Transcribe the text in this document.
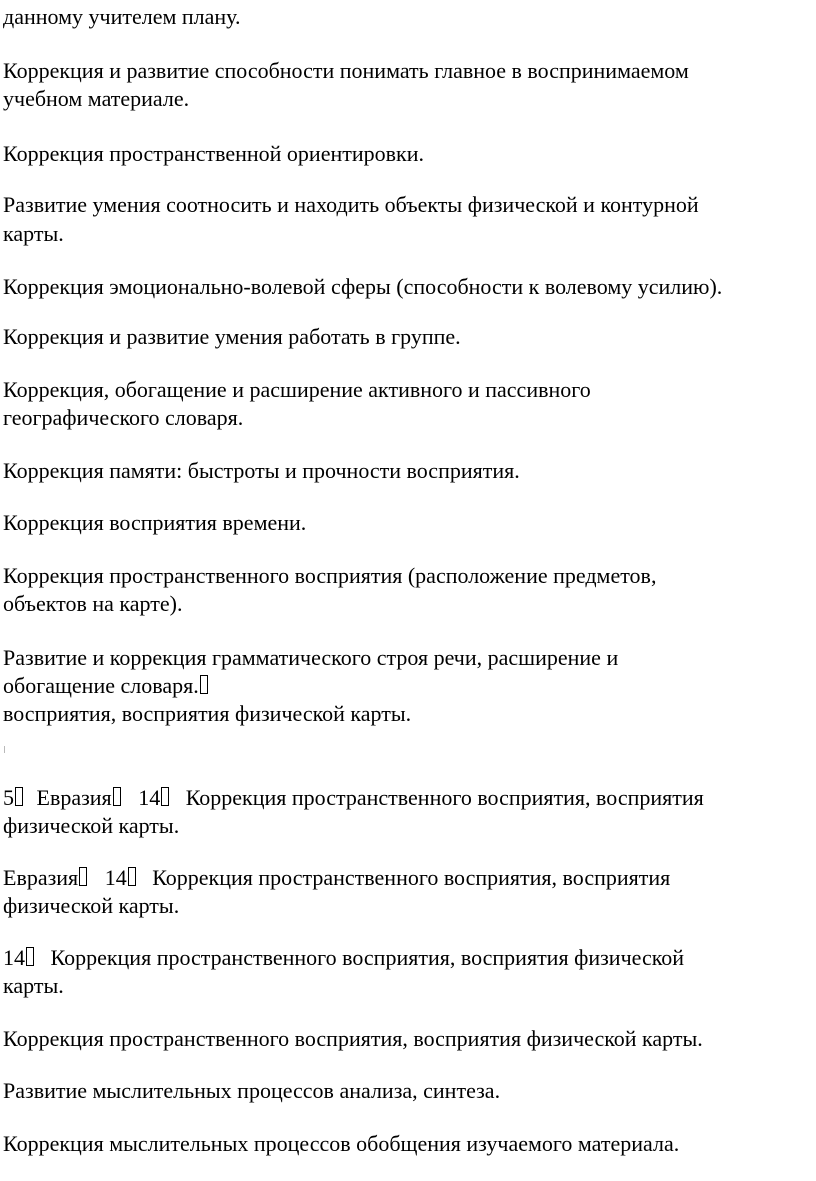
данному учителем плану.
Коррекция и развитие способности понимать главное в воспринимаемом
учебном материале.
Коррекция пространственной ориентировки.
Развитие умения соотносить и находить объекты физической и контурной
карты.
Коррекция эмоционально-волевой сферы (способности к волевому усилию).
Коррекция и развитие умения работать в группе.
Коррекция, обогащение и расширение активного и пассивного
географического словаря.
Коррекция памяти: быстроты и прочности восприятия.
Коррекция восприятия времени.
Коррекция пространственного восприятия (расположение предметов,
объектов на карте).
Развитие и коррекция грамматического строя речи, расширение и
обогащение словаря.
восприятия, восприятия физической карты.
5 Евразия 14 Коррекция пространственного восприятия, восприятия
физической карты.
Евразия 14 Коррекция пространственного восприятия, восприятия
физической карты.
14 Коррекция пространственного восприятия, восприятия физической
карты.
Коррекция пространственного восприятия, восприятия физической карты.
Развитие мыслительных процессов анализа, синтеза.
Коррекция мыслительных процессов обобщения изучаемого материала.
